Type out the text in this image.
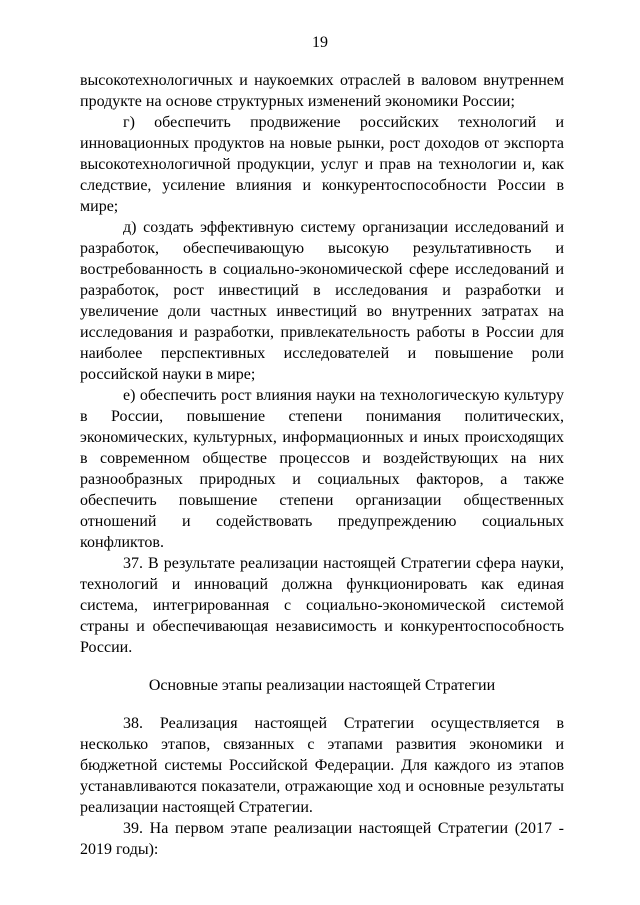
19

высокотехнологичных и наукоемких отраслей в валовом внутреннем продукте на основе структурных изменений экономики России;

г) обеспечить продвижение российских технологий и инновационных продуктов на новые рынки, рост доходов от экспорта высокотехнологичной продукции, услуг и прав на технологии и, как следствие, усиление влияния и конкурентоспособности России в мире;

д) создать эффективную систему организации исследований и разработок, обеспечивающую высокую результативность и востребованность в социально-экономической сфере исследований и разработок, рост инвестиций в исследования и разработки и увеличение доли частных инвестиций во внутренних затратах на исследования и разработки, привлекательность работы в России для наиболее перспективных исследователей и повышение роли российской науки в мире;

е) обеспечить рост влияния науки на технологическую культуру в России, повышение степени понимания политических, экономических, культурных, информационных и иных происходящих в современном обществе процессов и воздействующих на них разнообразных природных и социальных факторов, а также обеспечить повышение степени организации общественных отношений и содействовать предупреждению социальных конфликтов.

37. В результате реализации настоящей Стратегии сфера науки, технологий и инноваций должна функционировать как единая система, интегрированная с социально-экономической системой страны и обеспечивающая независимость и конкурентоспособность России.

Основные этапы реализации настоящей Стратегии

38. Реализация настоящей Стратегии осуществляется в несколько этапов, связанных с этапами развития экономики и бюджетной системы Российской Федерации. Для каждого из этапов устанавливаются показатели, отражающие ход и основные результаты реализации настоящей Стратегии.

39. На первом этапе реализации настоящей Стратегии (2017 - 2019 годы):
